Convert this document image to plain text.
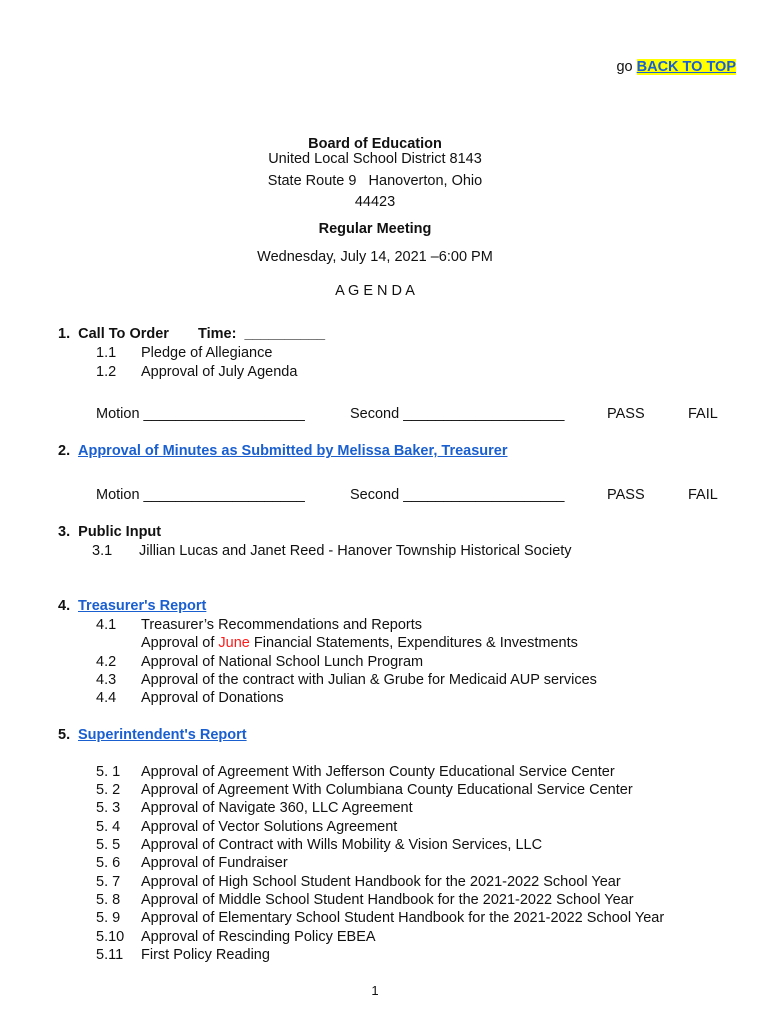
go BACK TO TOP
Board of Education
United Local School District 8143
State Route 9   Hanoverton, Ohio
44423
Regular Meeting
Wednesday, July 14, 2021 –6:00 PM
A G E N D A
1.  Call To Order Time:  __________
1.1 Pledge of Allegiance
1.2 Approval of July Agenda
Motion ____________________	Second ____________________	PASS	FAIL
2. Approval of Minutes as Submitted by Melissa Baker, Treasurer
Motion ____________________	Second ____________________	PASS	FAIL
3.  Public Input
3.1 Jillian Lucas and Janet Reed - Hanover Township Historical Society
4. Treasurer's Report
4.1 Treasurer’s Recommendations and Reports
Approval of June Financial Statements, Expenditures & Investments
4.2 Approval of National School Lunch Program
4.3 Approval of the contract with Julian & Grube for Medicaid AUP services
4.4 Approval of Donations
5. Superintendent's Report
5. 1 Approval of Agreement With Jefferson County Educational Service Center
5. 2 Approval of Agreement With Columbiana County Educational Service Center
5. 3 Approval of Navigate 360, LLC Agreement
5. 4 Approval of Vector Solutions Agreement
5. 5 Approval of Contract with Wills Mobility & Vision Services, LLC
5. 6 Approval of Fundraiser
5. 7 Approval of High School Student Handbook for the 2021-2022 School Year
5. 8 Approval of Middle School Student Handbook for the 2021-2022 School Year
5. 9 Approval of Elementary School Student Handbook for the 2021-2022 School Year
5.10 Approval of Rescinding Policy EBEA
5.11 First Policy Reading
1
